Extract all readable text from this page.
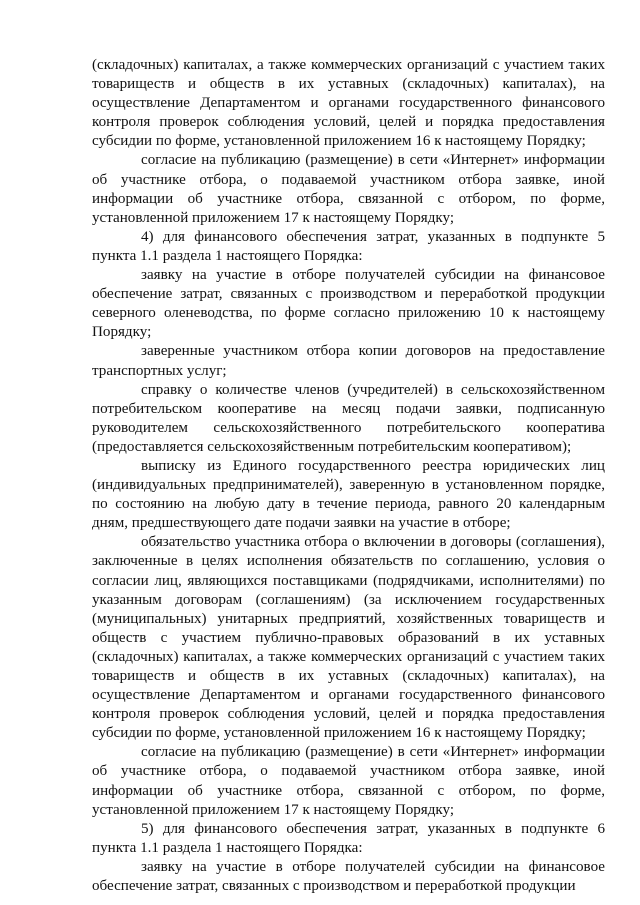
(складочных) капиталах, а также коммерческих организаций с участием таких товариществ и обществ в их уставных (складочных) капиталах), на осуществление Департаментом и органами государственного финансового контроля проверок соблюдения условий, целей и порядка предоставления субсидии по форме, установленной приложением 16 к настоящему Порядку;

согласие на публикацию (размещение) в сети «Интернет» информации об участнике отбора, о подаваемой участником отбора заявке, иной информации об участнике отбора, связанной с отбором, по форме, установленной приложением 17 к настоящему Порядку;

4) для финансового обеспечения затрат, указанных в подпункте 5 пункта 1.1 раздела 1 настоящего Порядка:

заявку на участие в отборе получателей субсидии на финансовое обеспечение затрат, связанных с производством и переработкой продукции северного оленеводства, по форме согласно приложению 10 к настоящему Порядку;

заверенные участником отбора копии договоров на предоставление транспортных услуг;

справку о количестве членов (учредителей) в сельскохозяйственном потребительском кооперативе на месяц подачи заявки, подписанную руководителем сельскохозяйственного потребительского кооператива (предоставляется сельскохозяйственным потребительским кооперативом);

выписку из Единого государственного реестра юридических лиц (индивидуальных предпринимателей), заверенную в установленном порядке, по состоянию на любую дату в течение периода, равного 20 календарным дням, предшествующего дате подачи заявки на участие в отборе;

обязательство участника отбора о включении в договоры (соглашения), заключенные в целях исполнения обязательств по соглашению, условия о согласии лиц, являющихся поставщиками (подрядчиками, исполнителями) по указанным договорам (соглашениям) (за исключением государственных (муниципальных) унитарных предприятий, хозяйственных товариществ и обществ с участием публично-правовых образований в их уставных (складочных) капиталах, а также коммерческих организаций с участием таких товариществ и обществ в их уставных (складочных) капиталах), на осуществление Департаментом и органами государственного финансового контроля проверок соблюдения условий, целей и порядка предоставления субсидии по форме, установленной приложением 16 к настоящему Порядку;

согласие на публикацию (размещение) в сети «Интернет» информации об участнике отбора, о подаваемой участником отбора заявке, иной информации об участнике отбора, связанной с отбором, по форме, установленной приложением 17 к настоящему Порядку;

5) для финансового обеспечения затрат, указанных в подпункте 6 пункта 1.1 раздела 1 настоящего Порядка:

заявку на участие в отборе получателей субсидии на финансовое обеспечение затрат, связанных с производством и переработкой продукции
